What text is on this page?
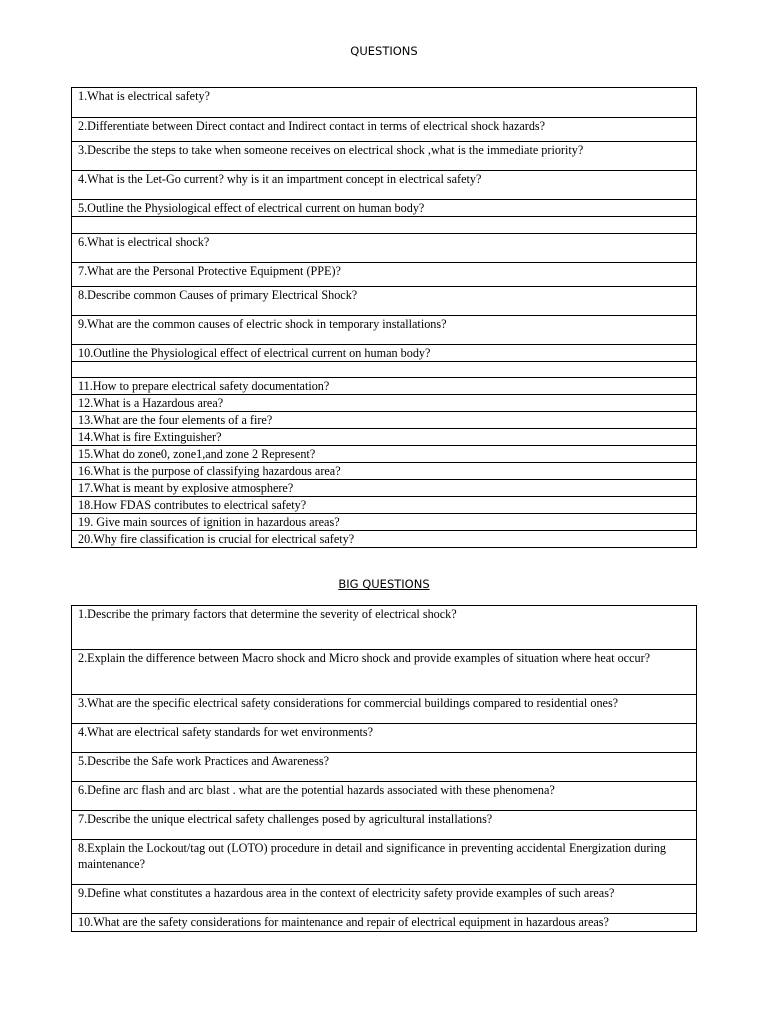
QUESTIONS
1.What is electrical safety?
2.Differentiate between Direct contact and Indirect contact in terms of electrical shock hazards?
3.Describe the steps to take when someone receives on electrical shock ,what is the immediate priority?
4.What is the Let-Go current? why is it an impartment concept in electrical safety?
5.Outline the Physiological effect of electrical current on human body?

6.What is electrical shock?
7.What are the Personal Protective Equipment (PPE)?
8.Describe common Causes of primary Electrical Shock?
9.What are the common causes of electric shock in temporary installations?
10.Outline the Physiological effect of electrical current on human body?

11.How to prepare electrical safety documentation?
12.What is a Hazardous area?
13.What are the four elements of a fire?
14.What is fire Extinguisher?
15.What do zone0, zone1,and zone 2 Represent?
16.What is the purpose of classifying hazardous area?
17.What is meant by explosive atmosphere?
18.How FDAS contributes to electrical safety?
19. Give main sources of ignition in hazardous areas?
20.Why fire classification is crucial for electrical safety?
BIG QUESTIONS
1.Describe the primary factors that determine the severity of electrical shock?
2.Explain the difference between Macro shock and Micro shock and provide examples of situation where heat occur?
3.What are the specific electrical safety considerations for commercial buildings compared to residential ones?
4.What are electrical safety standards for wet environments?
5.Describe the Safe work Practices and Awareness?
6.Define arc flash and arc blast . what are the potential hazards associated with these phenomena?
7.Describe the unique electrical safety challenges posed by agricultural installations?
8.Explain the Lockout/tag out (LOTO) procedure in detail and significance in preventing accidental Energization during maintenance?
9.Define what constitutes a hazardous area in the context of electricity safety provide examples of such areas?
10.What are the safety considerations for maintenance and repair of electrical equipment in hazardous areas?
